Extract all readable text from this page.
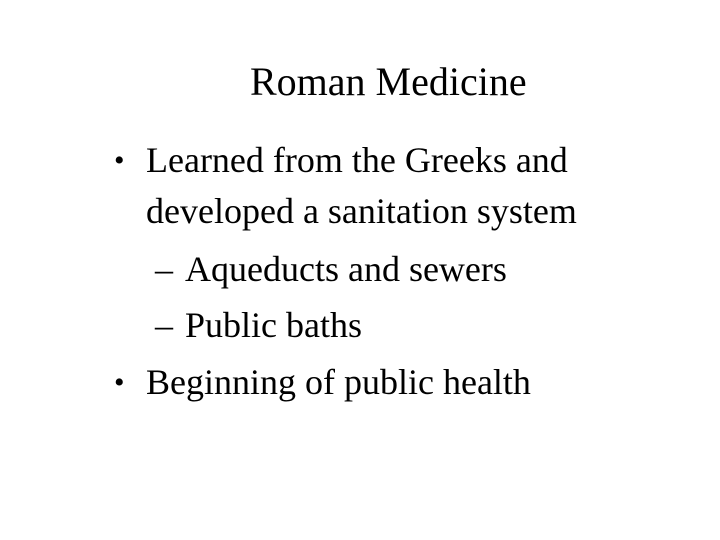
Roman Medicine
• Learned from the Greeks and
developed a sanitation system
– Aqueducts and sewers
– Public baths
• Beginning of public health
